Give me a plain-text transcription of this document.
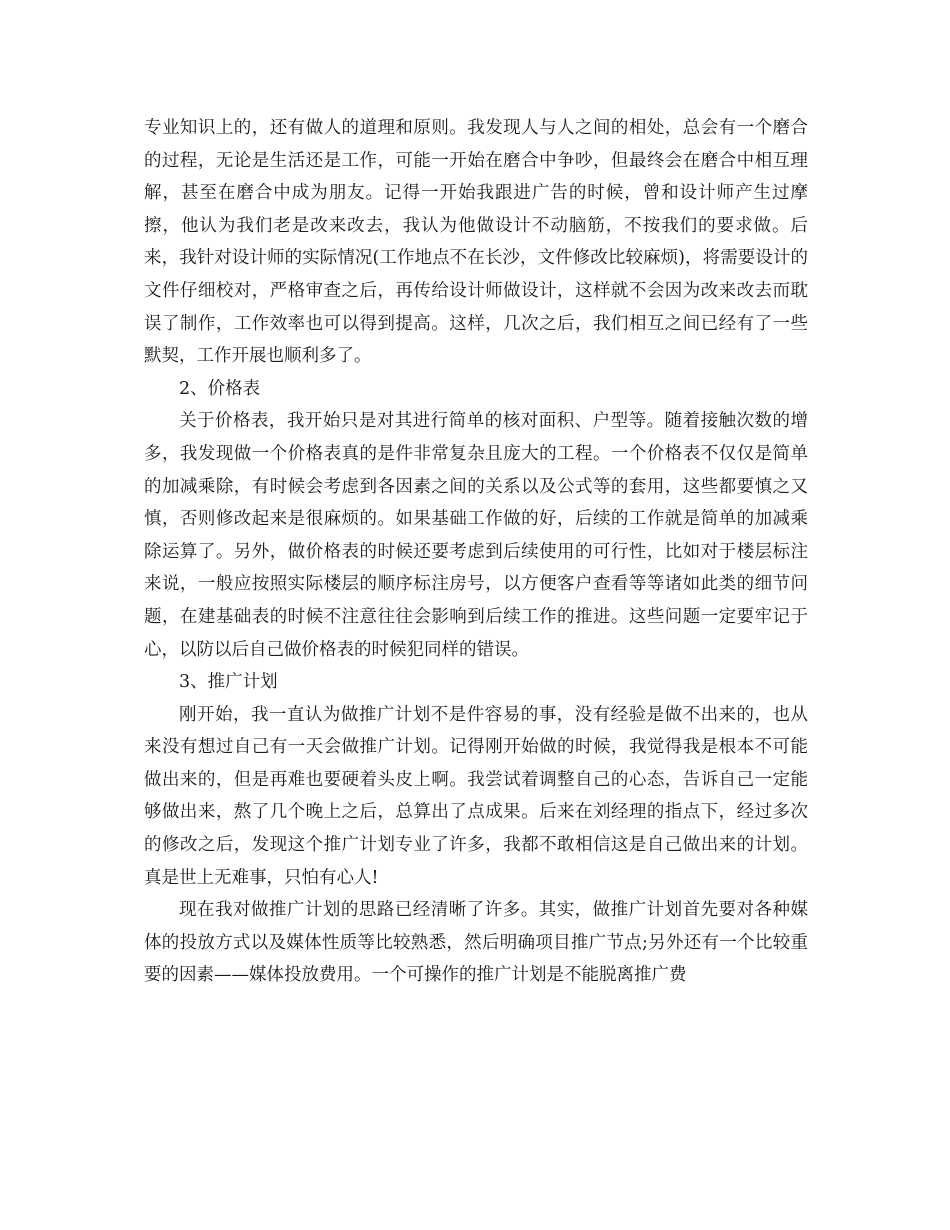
专业知识上的，还有做人的道理和原则。我发现人与人之间的相处，总会有一个磨合的过程，无论是生活还是工作，可能一开始在磨合中争吵，但最终会在磨合中相互理解，甚至在磨合中成为朋友。记得一开始我跟进广告的时候，曾和设计师产生过摩擦，他认为我们老是改来改去，我认为他做设计不动脑筋，不按我们的要求做。后来，我针对设计师的实际情况(工作地点不在长沙，文件修改比较麻烦)，将需要设计的文件仔细校对，严格审查之后，再传给设计师做设计，这样就不会因为改来改去而耽误了制作，工作效率也可以得到提高。这样，几次之后，我们相互之间已经有了一些默契，工作开展也顺利多了。

2、价格表

关于价格表，我开始只是对其进行简单的核对面积、户型等。随着接触次数的增多，我发现做一个价格表真的是件非常复杂且庞大的工程。一个价格表不仅仅是简单的加减乘除，有时候会考虑到各因素之间的关系以及公式等的套用，这些都要慎之又慎，否则修改起来是很麻烦的。如果基础工作做的好，后续的工作就是简单的加减乘除运算了。另外，做价格表的时候还要考虑到后续使用的可行性，比如对于楼层标注来说，一般应按照实际楼层的顺序标注房号，以方便客户查看等等诸如此类的细节问题，在建基础表的时候不注意往往会影响到后续工作的推进。这些问题一定要牢记于心，以防以后自己做价格表的时候犯同样的错误。

3、推广计划

刚开始，我一直认为做推广计划不是件容易的事，没有经验是做不出来的，也从来没有想过自己有一天会做推广计划。记得刚开始做的时候，我觉得我是根本不可能做出来的，但是再难也要硬着头皮上啊。我尝试着调整自己的心态，告诉自己一定能够做出来，熬了几个晚上之后，总算出了点成果。后来在刘经理的指点下，经过多次的修改之后，发现这个推广计划专业了许多，我都不敢相信这是自己做出来的计划。真是世上无难事，只怕有心人!

现在我对做推广计划的思路已经清晰了许多。其实，做推广计划首先要对各种媒体的投放方式以及媒体性质等比较熟悉，然后明确项目推广节点;另外还有一个比较重要的因素——媒体投放费用。一个可操作的推广计划是不能脱离推广费
